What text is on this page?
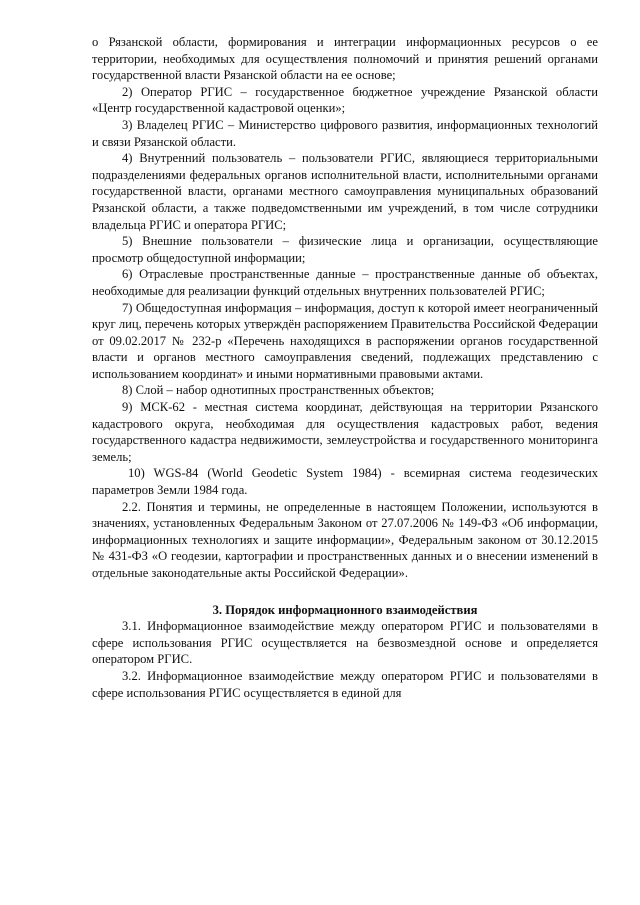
о Рязанской области, формирования и интеграции информационных ресурсов о ее территории, необходимых для осуществления полномочий и принятия решений органами государственной власти Рязанской области на ее основе;

2) Оператор РГИС – государственное бюджетное учреждение Рязанской области «Центр государственной кадастровой оценки»;

3) Владелец РГИС – Министерство цифрового развития, информационных технологий и связи Рязанской области.

4) Внутренний пользователь – пользователи РГИС, являющиеся территориальными подразделениями федеральных органов исполнительной власти, исполнительными органами государственной власти, органами местного самоуправления муниципальных образований Рязанской области, а также подведомственными им учреждений, в том числе сотрудники владельца РГИС и оператора РГИС;

5) Внешние пользователи – физические лица и организации, осуществляющие просмотр общедоступной информации;

6) Отраслевые пространственные данные – пространственные данные об объектах, необходимые для реализации функций отдельных внутренних пользователей РГИС;

7) Общедоступная информация – информация, доступ к которой имеет неограниченный круг лиц, перечень которых утверждён распоряжением Правительства Российской Федерации от 09.02.2017 № 232-р «Перечень находящихся в распоряжении органов государственной власти и органов местного самоуправления сведений, подлежащих представлению с использованием координат» и иными нормативными правовыми актами.

8) Слой – набор однотипных пространственных объектов;

9) МСК-62 - местная система координат, действующая на территории Рязанского кадастрового округа, необходимая для осуществления кадастровых работ, ведения государственного кадастра недвижимости, землеустройства и государственного мониторинга земель;

10) WGS-84 (World Geodetic System 1984) - всемирная система геодезических параметров Земли 1984 года.

2.2. Понятия и термины, не определенные в настоящем Положении, используются в значениях, установленных Федеральным Законом от 27.07.2006 № 149-ФЗ «Об информации, информационных технологиях и защите информации», Федеральным законом от 30.12.2015 № 431-ФЗ «О геодезии, картографии и пространственных данных и о внесении изменений в отдельные законодательные акты Российской Федерации».

3. Порядок информационного взаимодействия

3.1. Информационное взаимодействие между оператором РГИС и пользователями в сфере использования РГИС осуществляется на безвозмездной основе и определяется оператором РГИС.

3.2. Информационное взаимодействие между оператором РГИС и пользователями в сфере использования РГИС осуществляется в единой для
